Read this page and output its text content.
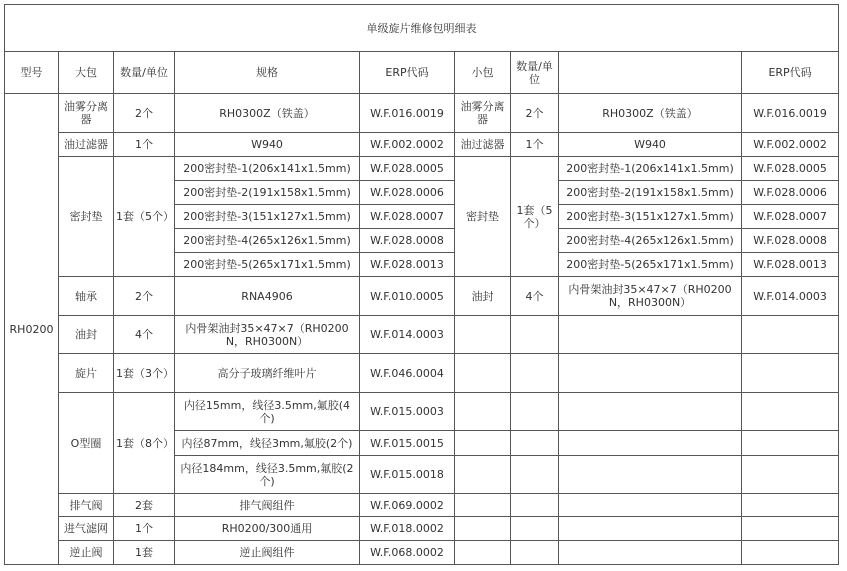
单级旋片维修包明细表								
型号	大包	数量/单位	规格	ERP代码	小包	数量/单位		ERP代码
RH0200	油雾分离器	2个	RH0300Z（铁盖）	W.F.016.0019	油雾分离器	2个	RH0300Z（铁盖）	W.F.016.0019
	油过滤器	1个	W940	W.F.002.0002	油过滤器	1个	W940	W.F.002.0002
	密封垫	1套（5个）	200密封垫-1(206x141x1.5mm)	W.F.028.0005	密封垫	1套（5个）	200密封垫-1(206x141x1.5mm)	W.F.028.0005
			200密封垫-2(191x158x1.5mm)	W.F.028.0006			200密封垫-2(191x158x1.5mm)	W.F.028.0006
			200密封垫-3(151x127x1.5mm)	W.F.028.0007			200密封垫-3(151x127x1.5mm)	W.F.028.0007
			200密封垫-4(265x126x1.5mm)	W.F.028.0008			200密封垫-4(265x126x1.5mm)	W.F.028.0008
			200密封垫-5(265x171x1.5mm)	W.F.028.0013			200密封垫-5(265x171x1.5mm)	W.F.028.0013
	轴承	2个	RNA4906	W.F.010.0005	油封	4个	内骨架油封35×47×7（RH0200N，RH0300N）	W.F.014.0003
	油封	4个	内骨架油封35×47×7（RH0200N，RH0300N）	W.F.014.0003				
	旋片	1套（3个）	高分子玻璃纤维叶片	W.F.046.0004				
	O型圈	1套（8个）	内径15mm，线径3.5mm,氟胶(4个)	W.F.015.0003				
			内径87mm，线径3mm,氟胶(2个)	W.F.015.0015				
			内径184mm，线径3.5mm,氟胶(2个)	W.F.015.0018				
	排气阀	2套	排气阀组件	W.F.069.0002				
	进气滤网	1个	RH0200/300通用	W.F.018.0002				
	逆止阀	1套	逆止阀组件	W.F.068.0002				
